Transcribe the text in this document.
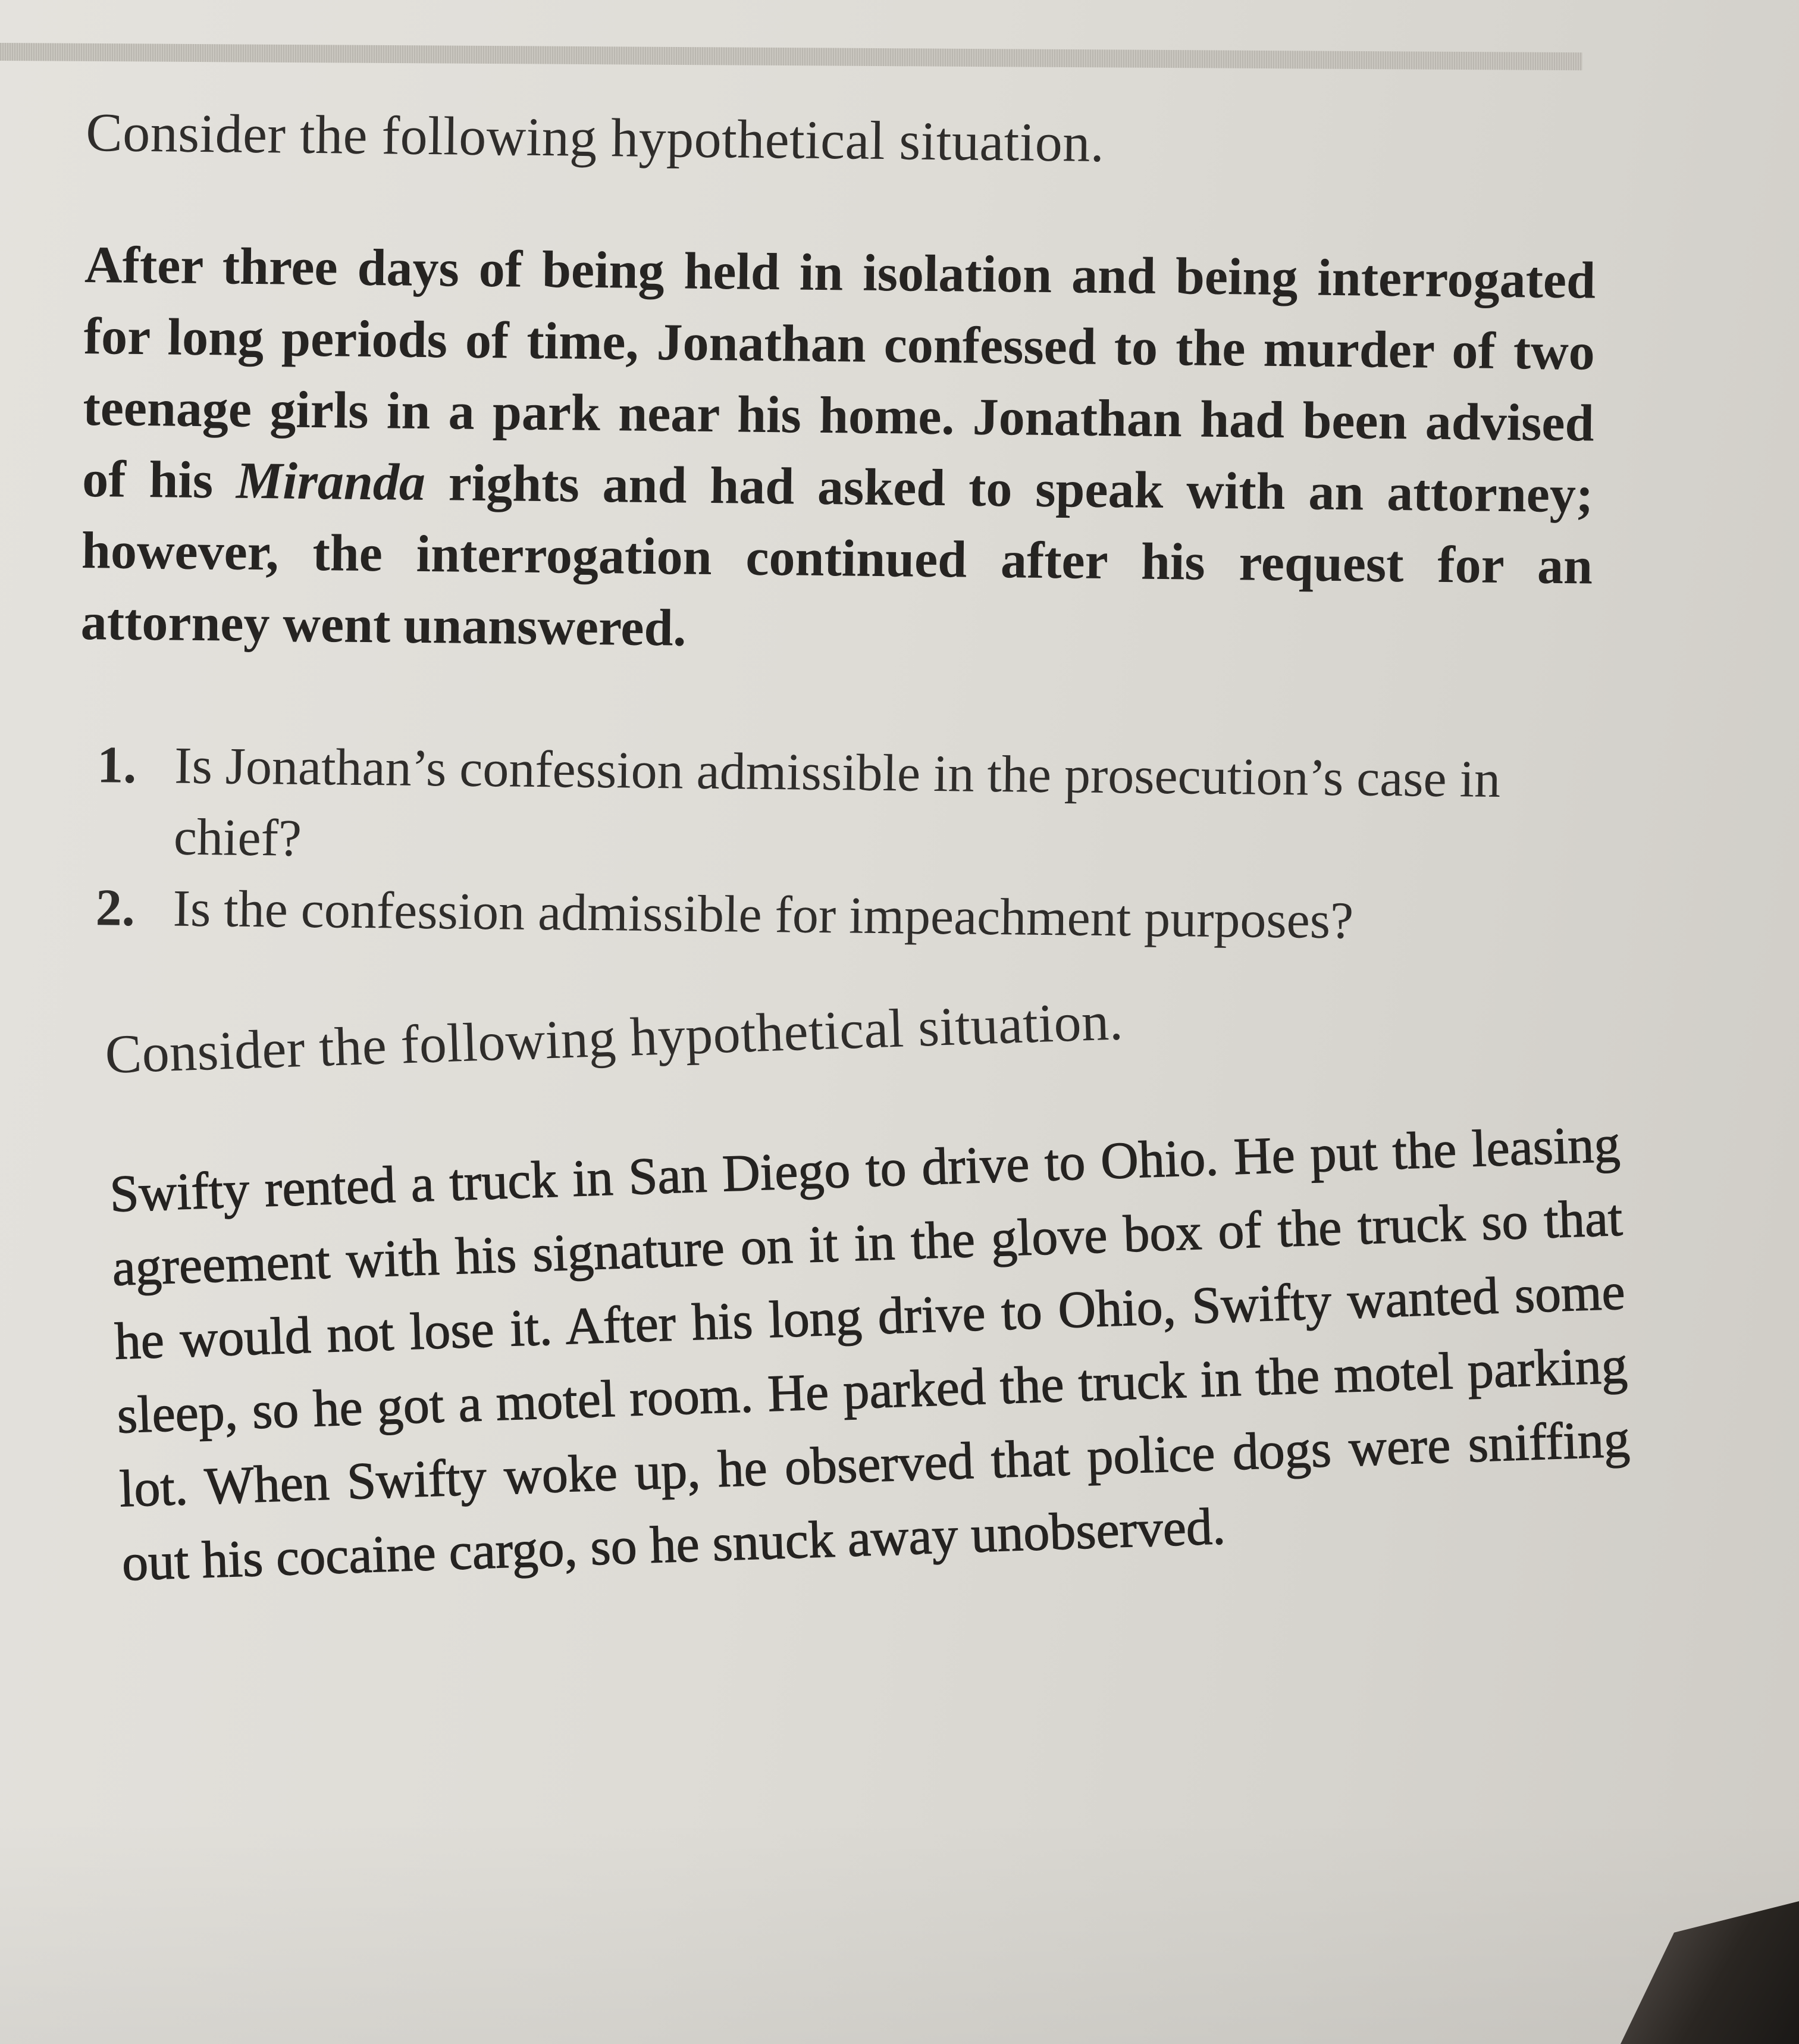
Consider the following hypothetical situation.

After three days of being held in isolation and being interrogated for long periods of time, Jonathan confessed to the murder of two teenage girls in a park near his home. Jonathan had been advised of his Miranda rights and had asked to speak with an attorney; however, the interrogation continued after his request for an attorney went unanswered.

1. Is Jonathan’s confession admissible in the prosecution’s case in chief?
2. Is the confession admissible for impeachment purposes?

Consider the following hypothetical situation.

Swifty rented a truck in San Diego to drive to Ohio. He put the leasing agreement with his signature on it in the glove box of the truck so that he would not lose it. After his long drive to Ohio, Swifty wanted some sleep, so he got a motel room. He parked the truck in the motel parking lot. When Swifty woke up, he observed that police dogs were sniffing out his cocaine cargo, so he snuck away unobserved.
